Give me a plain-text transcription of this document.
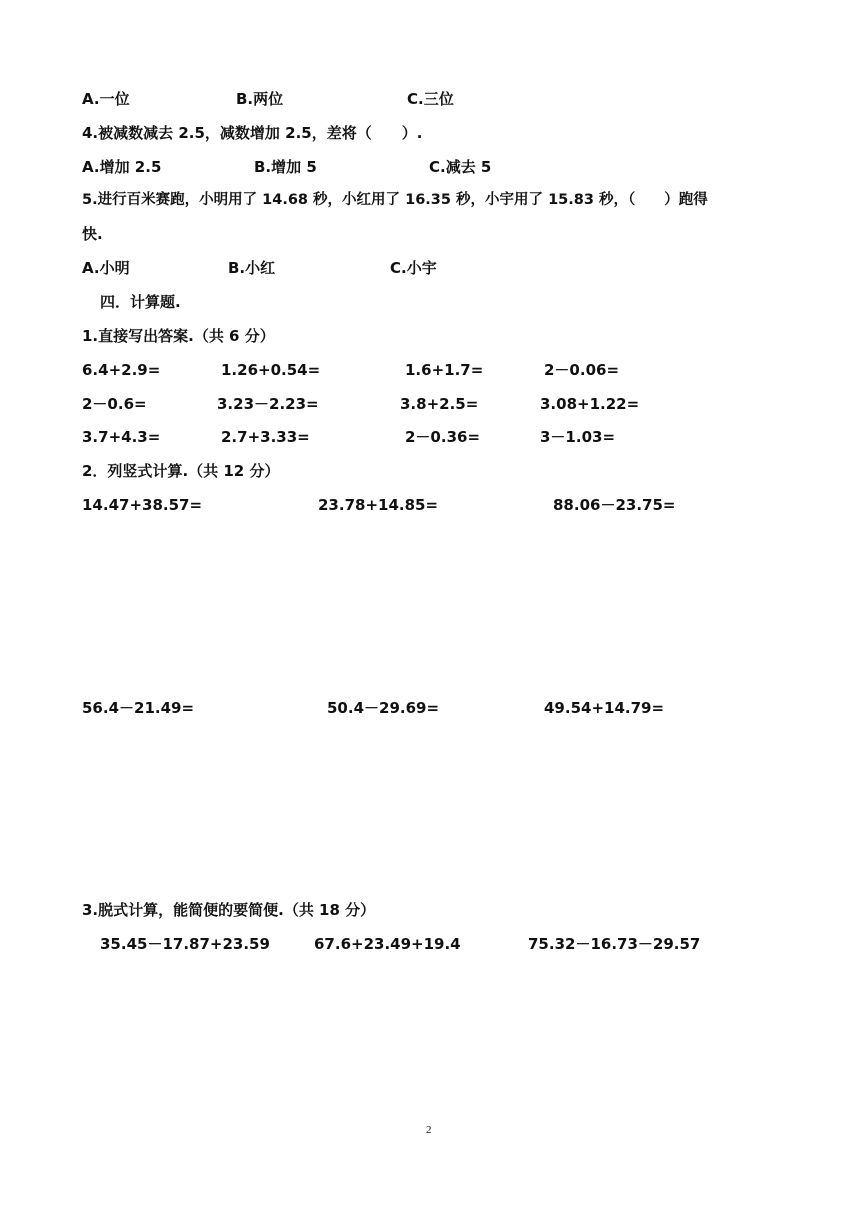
A.一位	B.两位	C.三位
4.被减数减去 2.5，减数增加 2.5，差将（　　）.
A.增加 2.5	B.增加 5	C.减去 5
5.进行百米赛跑，小明用了 14.68 秒，小红用了 16.35 秒，小宇用了 15.83 秒，（　　）跑得
快.
A.小明	B.小红	C.小宇
四．计算题.
1.直接写出答案.（共 6 分）
6.4+2.9=	1.26+0.54=	1.6+1.7=	2－0.06=
2－0.6=	3.23－2.23=	3.8+2.5=	3.08+1.22=
3.7+4.3=	2.7+3.33=	2－0.36=	3－1.03=
2．列竖式计算.（共 12 分）
14.47+38.57=	23.78+14.85=	88.06－23.75=
56.4－21.49=	50.4－29.69=	49.54+14.79=
3.脱式计算，能简便的要简便.（共 18 分）
35.45－17.87+23.59	67.6+23.49+19.4	75.32－16.73－29.57
2
